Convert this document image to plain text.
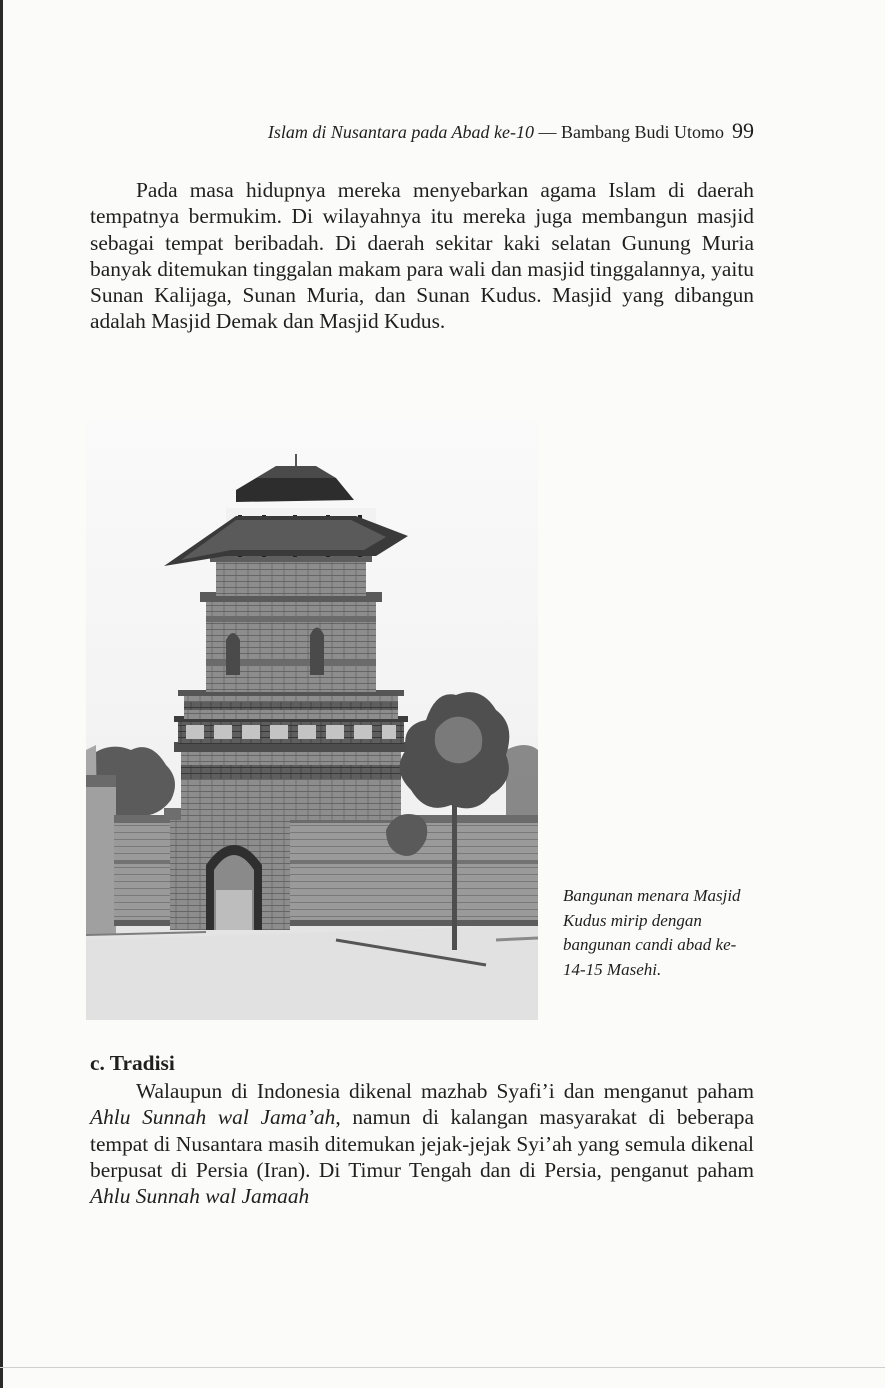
Islam di Nusantara pada Abad ke-10 — Bambang Budi Utomo 99

Pada masa hidupnya mereka menyebarkan agama Islam di daerah tempatnya bermukim. Di wilayahnya itu mereka juga membangun masjid sebagai tempat beribadah. Di daerah sekitar kaki selatan Gunung Muria banyak ditemukan tinggalan makam para wali dan masjid tinggalannya, yaitu Sunan Kalijaga, Sunan Muria, dan Sunan Kudus. Masjid yang dibangun adalah Masjid Demak dan Masjid Kudus.

Bangunan menara Masjid Kudus mirip dengan bangunan candi abad ke-14-15 Masehi.

c. Tradisi

Walaupun di Indonesia dikenal mazhab Syafi’i dan menganut paham Ahlu Sunnah wal Jama’ah, namun di kalangan masyarakat di beberapa tempat di Nusantara masih ditemukan jejak-jejak Syi’ah yang semula dikenal berpusat di Persia (Iran). Di Timur Tengah dan di Persia, penganut paham Ahlu Sunnah wal Jamaah
